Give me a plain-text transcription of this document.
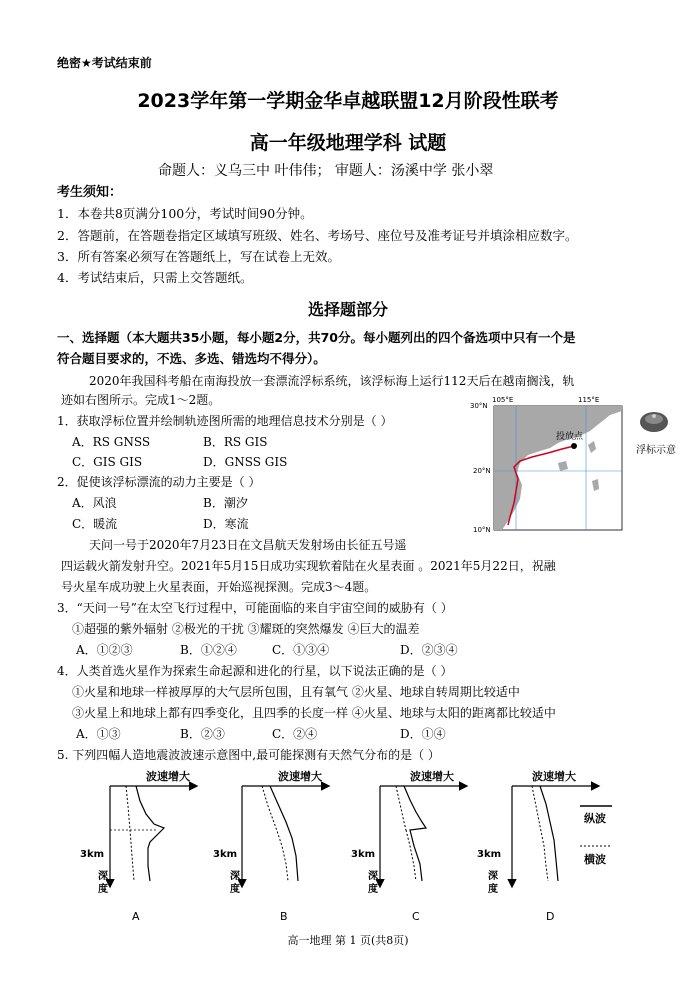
绝密★考试结束前
2023学年第一学期金华卓越联盟12月阶段性联考
高一年级地理学科 试题
命题人：义乌三中 叶伟伟； 审题人：汤溪中学 张小翠
考生须知：
1．本卷共8页满分100分，考试时间90分钟。
2．答题前，在答题卷指定区域填写班级、姓名、考场号、座位号及准考证号并填涂相应数字。
3．所有答案必须写在答题纸上，写在试卷上无效。
4．考试结束后，只需上交答题纸。
选择题部分
一、选择题（本大题共35小题，每小题2分，共70分。每小题列出的四个备选项中只有一个是
符合题目要求的，不选、多选、错选均不得分）。
2020年我国科考船在南海投放一套漂流浮标系统，该浮标海上运行112天后在越南搁浅，轨
迹如右图所示。完成1～2题。
1．获取浮标位置并绘制轨迹图所需的地理信息技术分别是（ ）
A．RS GNSS	B．RS GIS
C．GIS GIS	D．GNSS GIS
2．促使该浮标漂流的动力主要是（ ）
A．风浪	B．潮汐
C．暖流	D．寒流
30°N
20°N
10°N
105°E	115°E
投放点
浮标示意
天问一号于2020年7月23日在文昌航天发射场由长征五号遥
四运载火箭发射升空。2021年5月15日成功实现软着陆在火星表面 。2021年5月22日，祝融
号火星车成功驶上火星表面，开始巡视探测。完成3～4题。
3．“天问一号”在太空飞行过程中，可能面临的来自宇宙空间的威胁有（ ）
①超强的紫外辐射 ②极光的干扰 ③耀斑的突然爆发 ④巨大的温差
A．①②③	B．①②④	C．①③④	D．②③④
4．人类首选火星作为探索生命起源和进化的行星，以下说法正确的是（ ）
①火星和地球一样被厚厚的大气层所包围，且有氧气 ②火星、地球自转周期比较适中
③火星上和地球上都有四季变化，且四季的长度一样 ④火星、地球与太阳的距离都比较适中
A．①③	B．②③	C．②④	D．①④
5. 下列四幅人造地震波波速示意图中,最可能探测有天然气分布的是（ ）
波速增大
3km
深
度
A
波速增大
3km
深
度
B
波速增大
3km
深
度
C
波速增大
3km
深
度
D
纵波
横波
高一地理 第 1 页(共8页)
